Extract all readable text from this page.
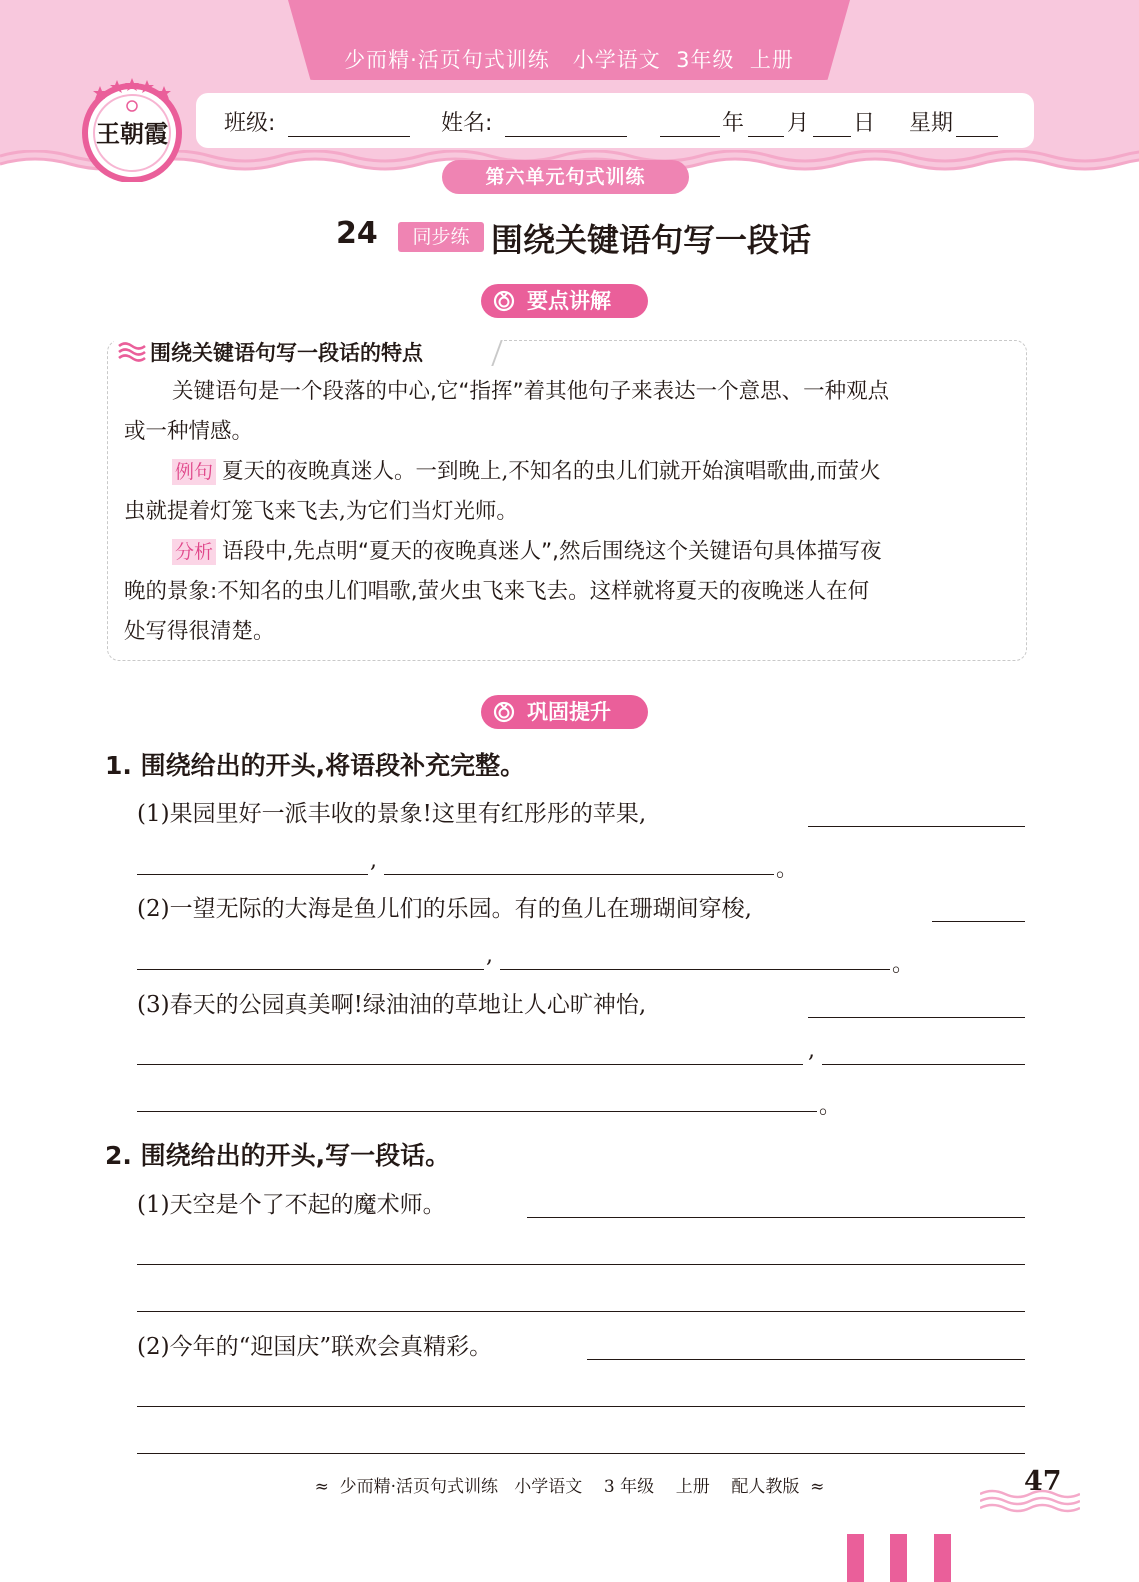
少而精·活页句式训练   小学语文  3年级  上册
班级:	姓名:	年 月 日 星期
第六单元句式训练
王朝霞
24	同步练 围绕关键语句写一段话
要点讲解
围绕关键语句写一段话的特点
关键语句是一个段落的中心,它“指挥”着其他句子来表达一个意思、一种观点
或一种情感。
例句 夏天的夜晚真迷人。一到晚上,不知名的虫儿们就开始演唱歌曲,而萤火
虫就提着灯笼飞来飞去,为它们当灯光师。
分析 语段中,先点明“夏天的夜晚真迷人”,然后围绕这个关键语句具体描写夜
晚的景象:不知名的虫儿们唱歌,萤火虫飞来飞去。这样就将夏天的夜晚迷人在何
处写得很清楚。
巩固提升
1. 围绕给出的开头,将语段补充完整。
(1)果园里好一派丰收的景象!这里有红彤彤的苹果,
,	。
(2)一望无际的大海是鱼儿们的乐园。有的鱼儿在珊瑚间穿梭,
,	。
(3)春天的公园真美啊!绿油油的草地让人心旷神怡,
,
。
2. 围绕给出的开头,写一段话。
(1)天空是个了不起的魔术师。
(2)今年的“迎国庆”联欢会真精彩。
≈  少而精·活页句式训练   小学语文    3 年级    上册    配人教版  ≈	47
